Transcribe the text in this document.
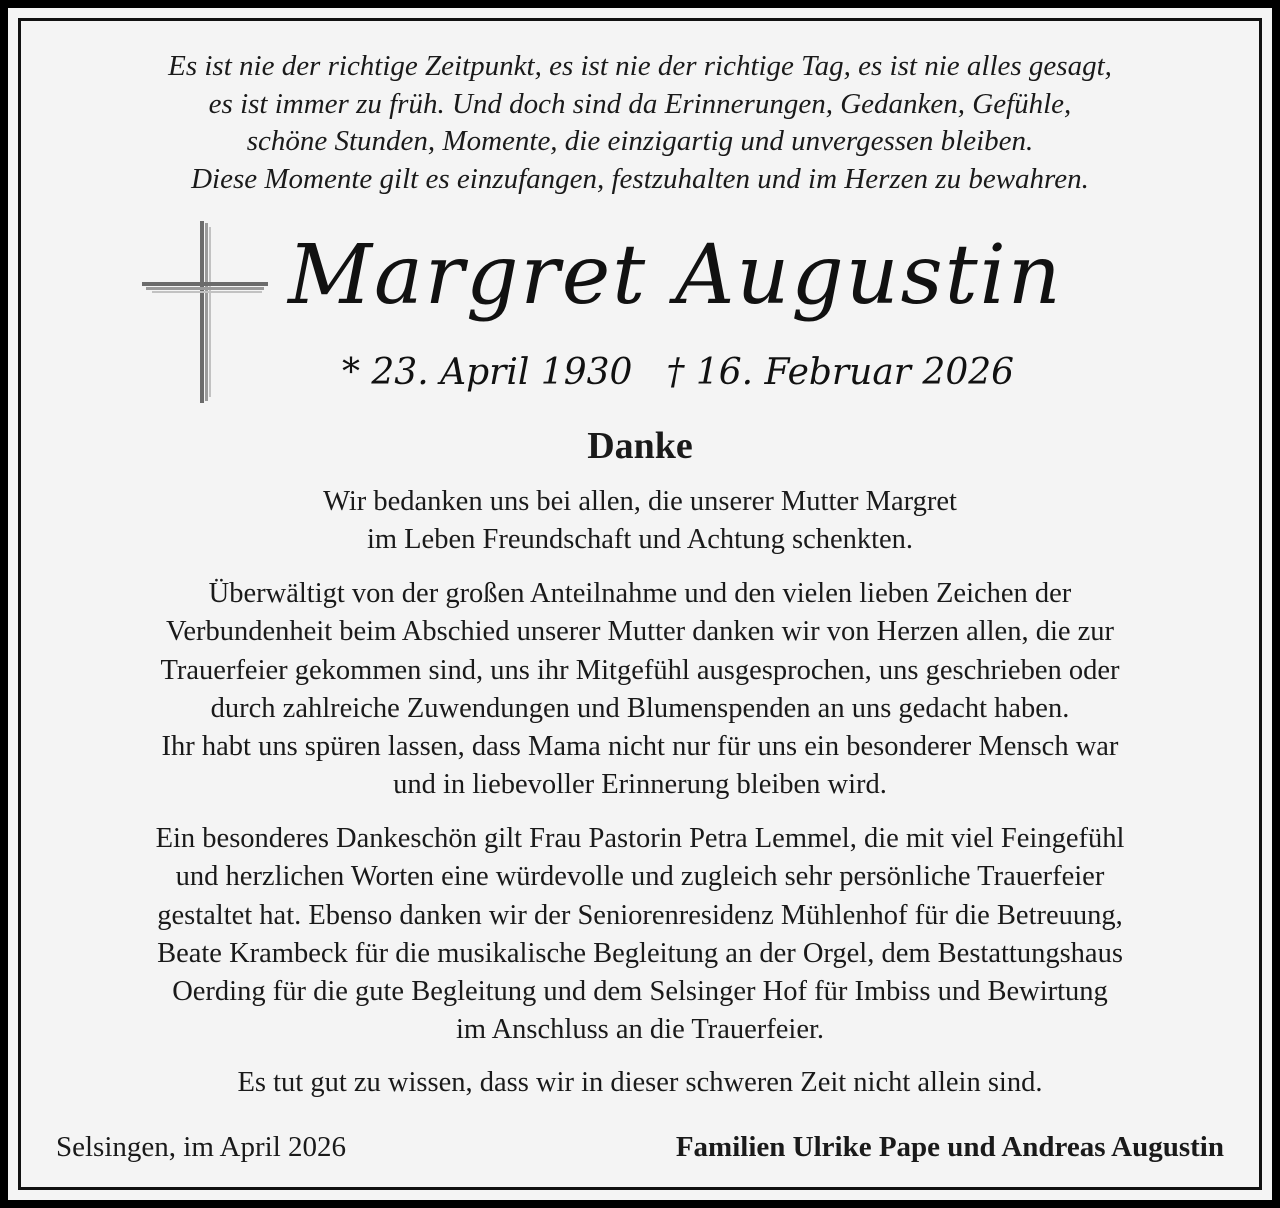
Es ist nie der richtige Zeitpunkt, es ist nie der richtige Tag, es ist nie alles gesagt,
es ist immer zu früh. Und doch sind da Erinnerungen, Gedanken, Gefühle,
schöne Stunden, Momente, die einzigartig und unvergessen bleiben.
Diese Momente gilt es einzufangen, festzuhalten und im Herzen zu bewahren.

Margret Augustin
* 23. April 1930 † 16. Februar 2026
Danke

Wir bedanken uns bei allen, die unserer Mutter Margret
im Leben Freundschaft und Achtung schenkten.

Überwältigt von der großen Anteilnahme und den vielen lieben Zeichen der
Verbundenheit beim Abschied unserer Mutter danken wir von Herzen allen, die zur
Trauerfeier gekommen sind, uns ihr Mitgefühl ausgesprochen, uns geschrieben oder
durch zahlreiche Zuwendungen und Blumenspenden an uns gedacht haben.
Ihr habt uns spüren lassen, dass Mama nicht nur für uns ein besonderer Mensch war
und in liebevoller Erinnerung bleiben wird.

Ein besonderes Dankeschön gilt Frau Pastorin Petra Lemmel, die mit viel Feingefühl
und herzlichen Worten eine würdevolle und zugleich sehr persönliche Trauerfeier
gestaltet hat. Ebenso danken wir der Seniorenresidenz Mühlenhof für die Betreuung,
Beate Krambeck für die musikalische Begleitung an der Orgel, dem Bestattungshaus
Oerding für die gute Begleitung und dem Selsinger Hof für Imbiss und Bewirtung
im Anschluss an die Trauerfeier.

Es tut gut zu wissen, dass wir in dieser schweren Zeit nicht allein sind.

Selsingen, im April 2026	Familien Ulrike Pape und Andreas Augustin
